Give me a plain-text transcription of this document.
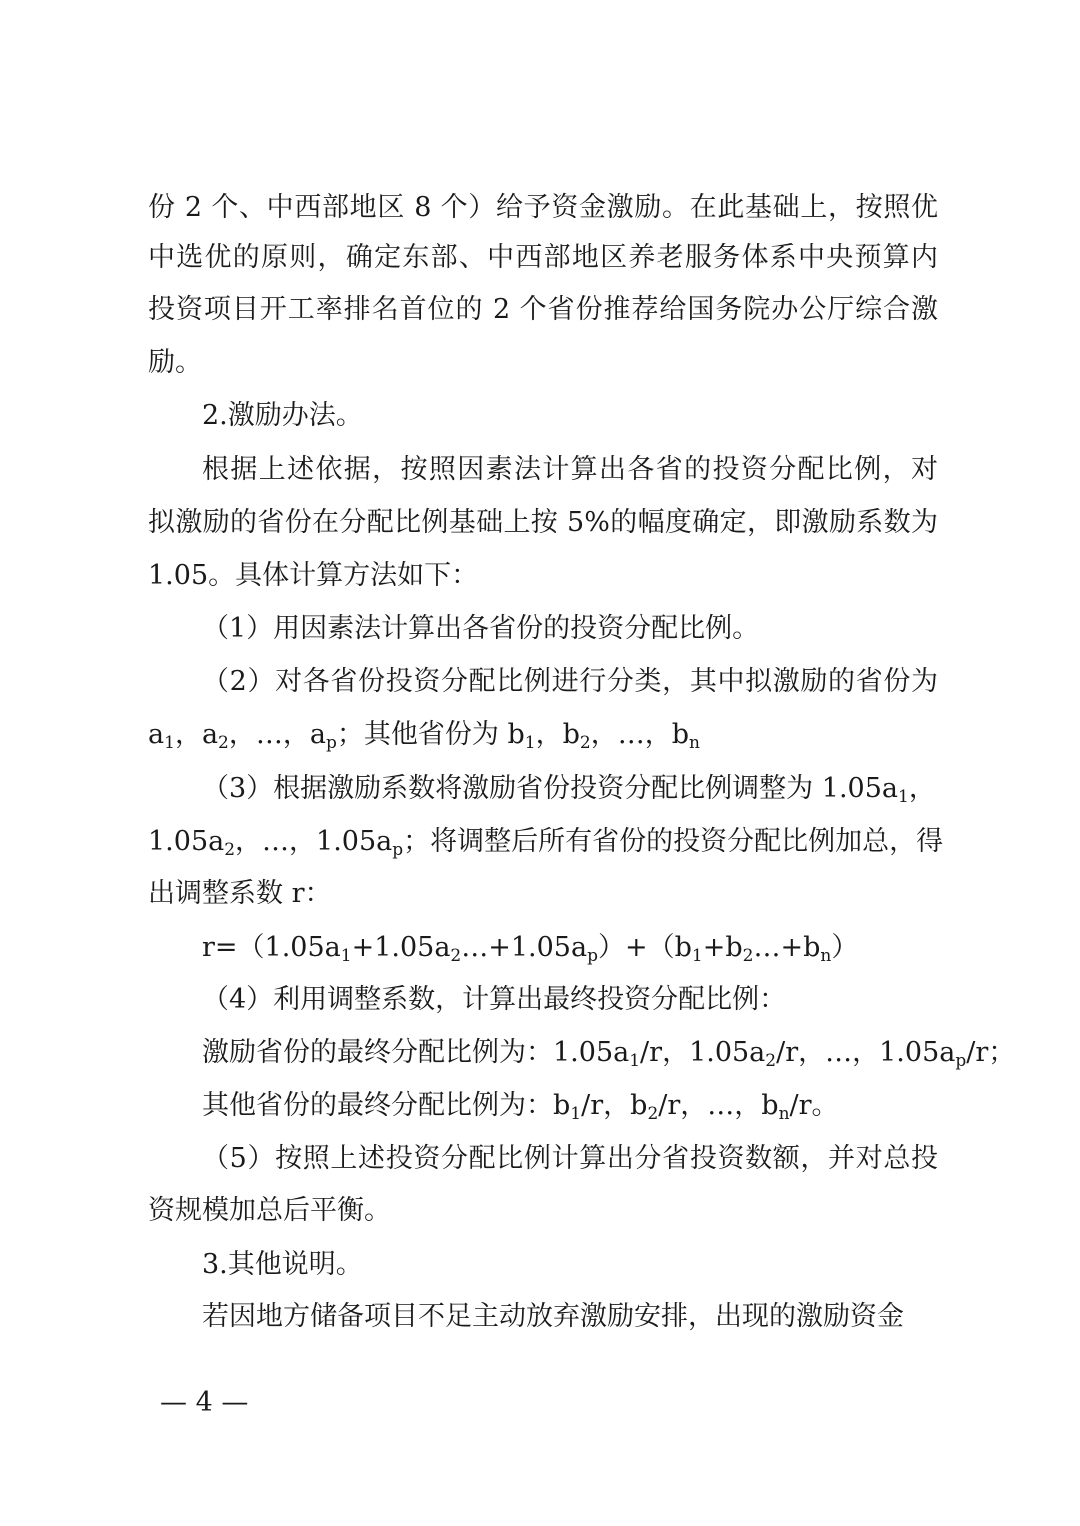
份 2 个、中西部地区 8 个）给予资金激励。在此基础上，按照优
中选优的原则，确定东部、中西部地区养老服务体系中央预算内
投资项目开工率排名首位的 2 个省份推荐给国务院办公厅综合激
励。
2.激励办法。
根据上述依据，按照因素法计算出各省的投资分配比例，对
拟激励的省份在分配比例基础上按 5%的幅度确定，即激励系数为
1.05。具体计算方法如下：
（1）用因素法计算出各省份的投资分配比例。
（2）对各省份投资分配比例进行分类，其中拟激励的省份为
$a_1$，$a_2$，…，$a_p$；其他省份为 $b_1$，$b_2$，…，$b_n$
（3）根据激励系数将激励省份投资分配比例调整为 $1.05a_1$，
$1.05a_2$，…，$1.05a_p$；将调整后所有省份的投资分配比例加总，得
出调整系数 r：
$r=(1.05a_1+1.05a_2\dots+1.05a_p)+(b_1+b_2\dots+b_n)$
（4）利用调整系数，计算出最终投资分配比例：
激励省份的最终分配比例为：$1.05a_1/r$，$1.05a_2/r$，…，$1.05a_p/r$；
其他省份的最终分配比例为：$b_1/r$，$b_2/r$，…，$b_n/r$。
（5）按照上述投资分配比例计算出分省投资数额，并对总投
资规模加总后平衡。
3.其他说明。
若因地方储备项目不足主动放弃激励安排，出现的激励资金
— 4 —
